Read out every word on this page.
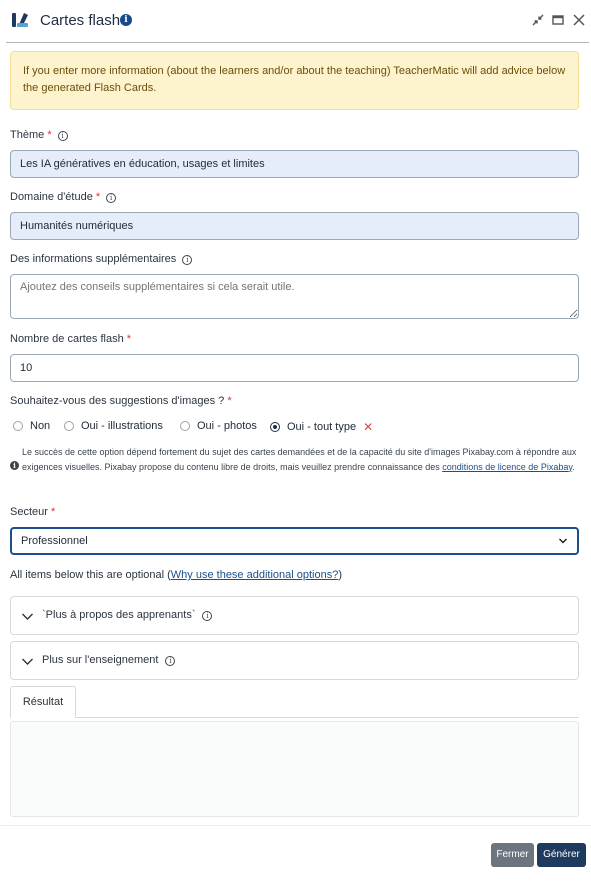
Cartes flash i
If you enter more information (about the learners and/or about the teaching) TeacherMatic will add advice below the generated Flash Cards.
Thème * i
Les IA génératives en éducation, usages et limites
Domaine d'étude * i
Humanités numériques
Des informations supplémentaires i
Ajoutez des conseils supplémentaires si cela serait utile.
Nombre de cartes flash *
10
Souhaitez-vous des suggestions d'images ? *
Non	Oui - illustrations	Oui - photos	Oui - tout type ✕
i
Le succès de cette option dépend fortement du sujet des cartes demandées et de la capacité du site d'images Pixabay.com à répondre aux exigences visuelles. Pixabay propose du contenu libre de droits, mais veuillez prendre connaissance des conditions de licence de Pixabay.
Secteur *
Professionnel
All items below this are optional (Why use these additional options?)
`Plus à propos des apprenants` i
Plus sur l'enseignement i
Résultat
Fermer	Générer
